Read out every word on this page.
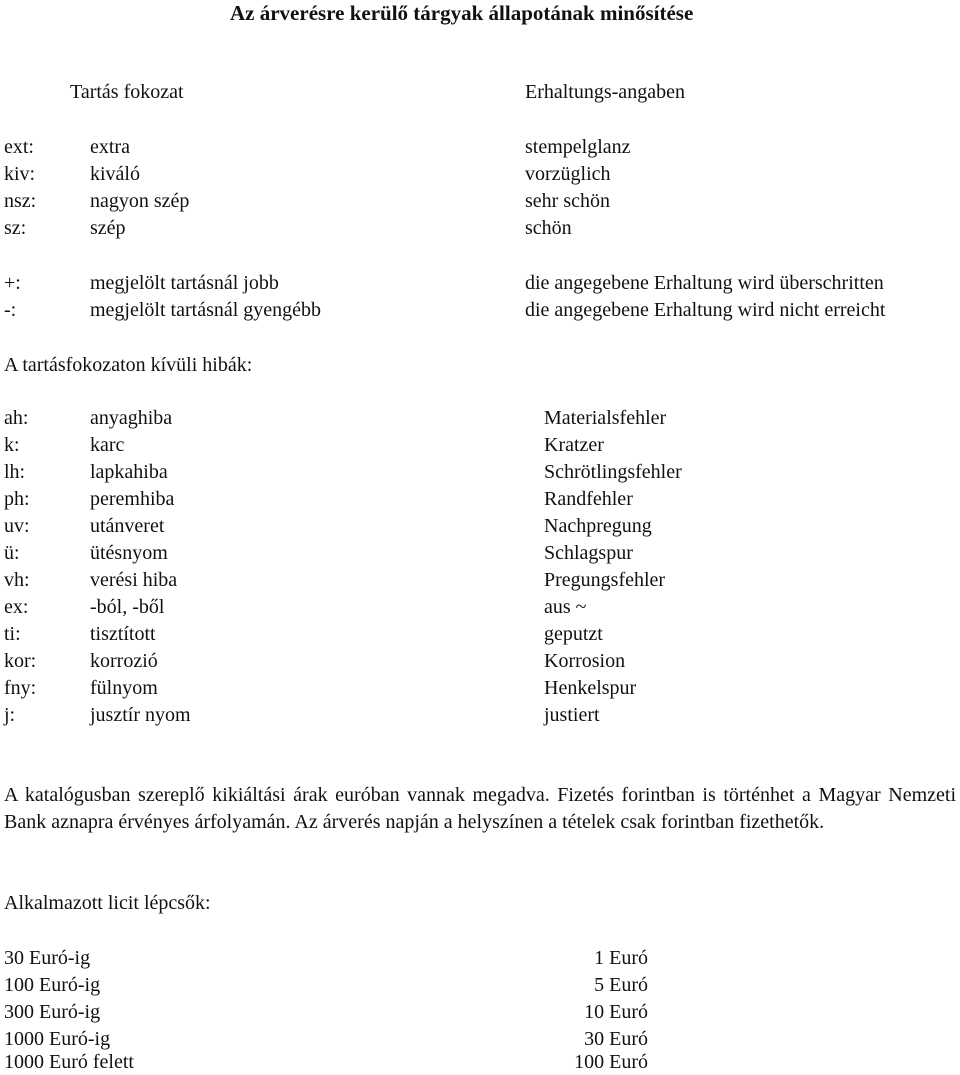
Az árverésre kerülő tárgyak állapotának minősítése
Tartás fokozat	Erhaltungs-angaben
ext:	extra	stempelglanz
kiv:	kiváló	vorzüglich
nsz:	nagyon szép	sehr schön
sz:	szép	schön
+:	megjelölt tartásnál jobb	die angegebene Erhaltung wird überschritten
-:	megjelölt tartásnál gyengébb	die angegebene Erhaltung wird nicht erreicht
A tartásfokozaton kívüli hibák:
ah:	anyaghiba	Materialsfehler
k:	karc	Kratzer
lh:	lapkahiba	Schrötlingsfehler
ph:	peremhiba	Randfehler
uv:	utánveret	Nachpregung
ü:	ütésnyom	Schlagspur
vh:	verési hiba	Pregungsfehler
ex:	-ból, -ből	aus ~
ti:	tisztított	geputzt
kor:	korrozió	Korrosion
fny:	fülnyom	Henkelspur
j:	jusztír nyom	justiert
A katalógusban szereplő kikiáltási árak euróban vannak megadva. Fizetés forintban is történhet a Magyar Nemzeti Bank aznapra érvényes árfolyamán. Az árverés napján a helyszínen a tételek csak forintban fizethetők.
Alkalmazott licit lépcsők:
30 Euró-ig	1 Euró
100 Euró-ig	5 Euró
300 Euró-ig	10 Euró
1000 Euró-ig	30 Euró
1000 Euró felett	100 Euró
